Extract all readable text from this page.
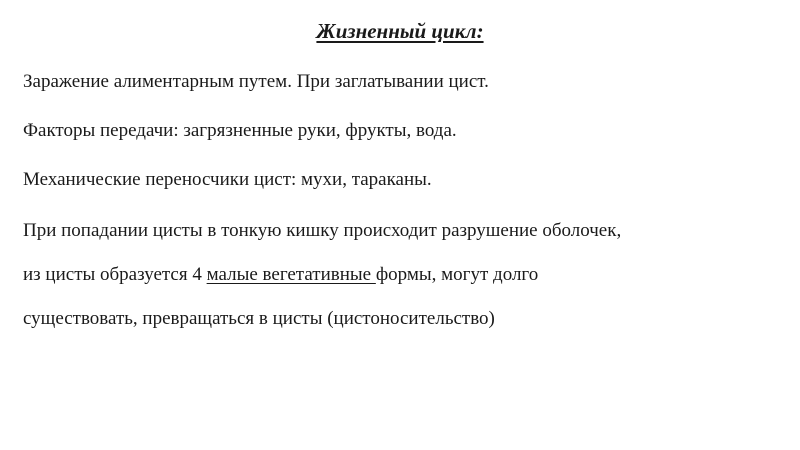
Жизненный цикл:
Заражение алиментарным путем. При заглатывании цист.
Факторы передачи: загрязненные руки, фрукты, вода.
Механические переносчики цист: мухи, тараканы.
При попадании цисты в тонкую кишку происходит разрушение оболочек,
из цисты образуется 4 малые вегетативные формы, могут долго
существовать, превращаться в цисты (цистоносительство)
